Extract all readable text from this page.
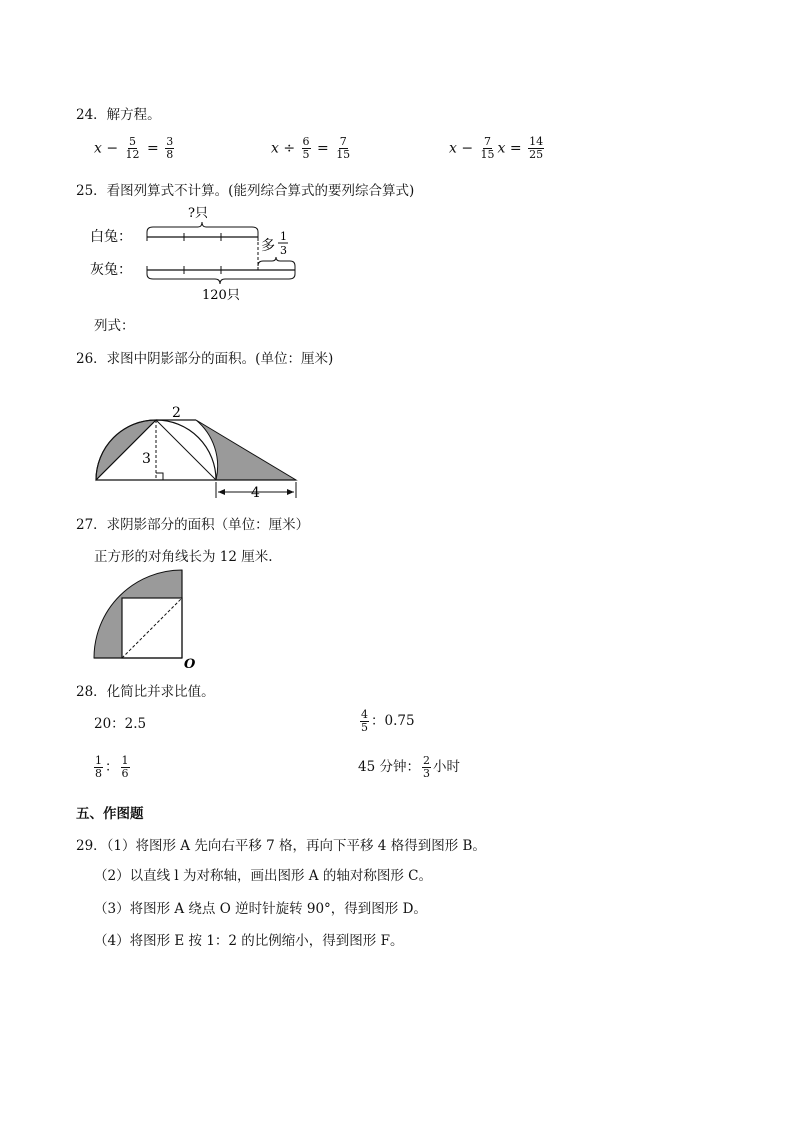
24．解方程。
$x - \frac{5}{12} = \frac{3}{8}$	$x \div \frac{6}{5} = \frac{7}{15}$	$x - \frac{7}{15}$ $x = \frac{14}{25}$
25．看图列算式不计算。(能列综合算式的要列综合算式)
白兔：
灰兔：
?只
多
1
3
120只
列式：
26．求图中阴影部分的面积。(单位：厘米)
2
3
4
27．求阴影部分的面积（单位：厘米）
正方形的对角线长为 12 厘米.
O
28．化简比并求比值。
20：2.5	$\frac{4}{5}$ ：0.75
$\frac{1}{8}$ ： $\frac{1}{6}$	45 分钟： $\frac{2}{3}$ 小时
五、作图题
29．（1）将图形 A 先向右平移 7 格，再向下平移 4 格得到图形 B。
（2）以直线 l 为对称轴，画出图形 A 的轴对称图形 C。
（3）将图形 A 绕点 O 逆时针旋转 90°，得到图形 D。
（4）将图形 E 按 1：2 的比例缩小，得到图形 F。
